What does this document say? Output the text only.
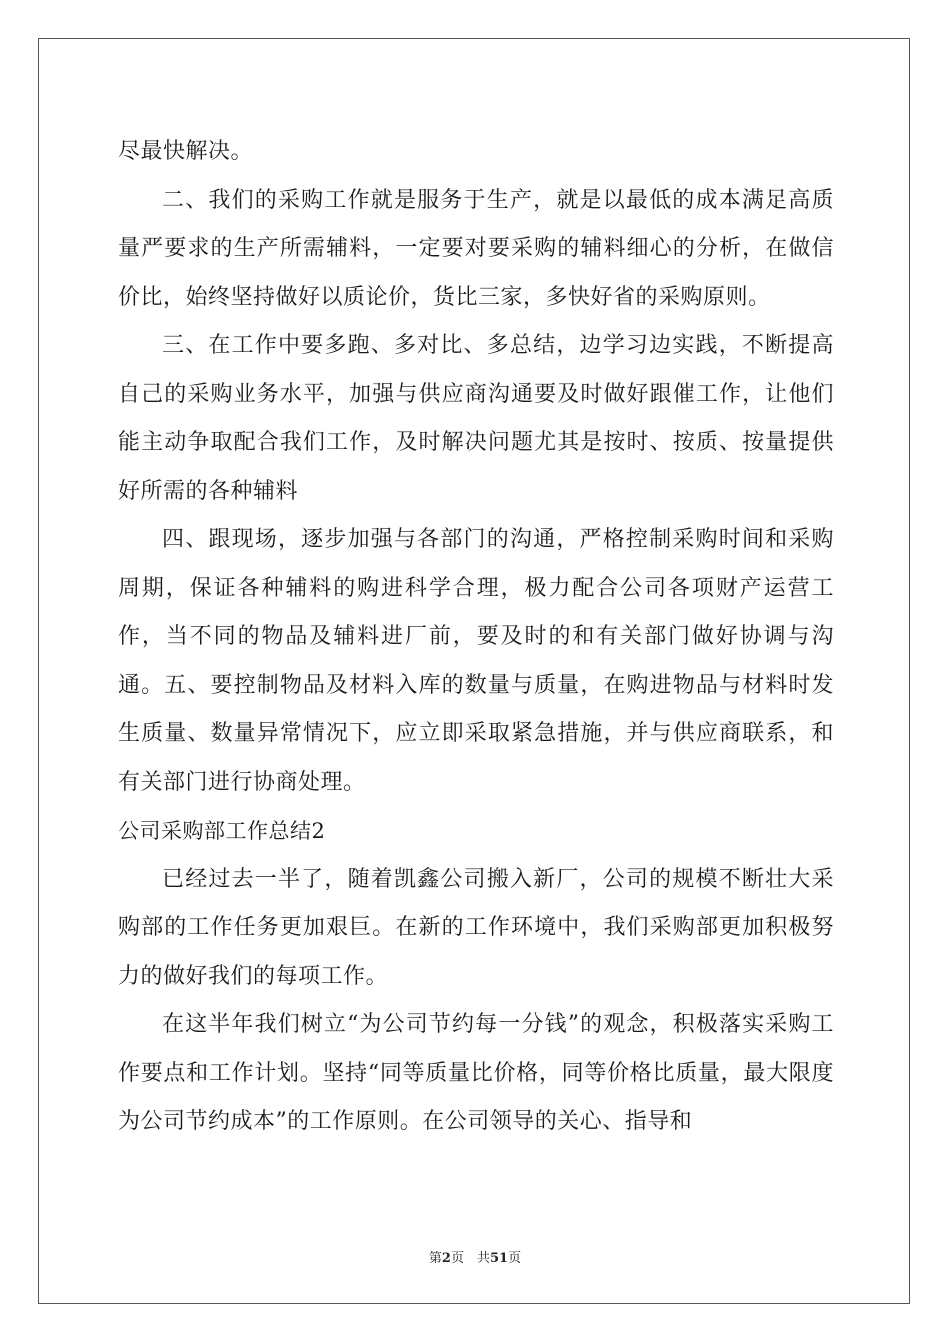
尽最快解决。

二、我们的采购工作就是服务于生产，就是以最低的成本满足高质量严要求的生产所需辅料，一定要对要采购的辅料细心的分析，在做信价比，始终坚持做好以质论价，货比三家，多快好省的采购原则。

三、在工作中要多跑、多对比、多总结，边学习边实践，不断提高自己的采购业务水平，加强与供应商沟通要及时做好跟催工作，让他们能主动争取配合我们工作，及时解决问题尤其是按时、按质、按量提供好所需的各种辅料

四、跟现场，逐步加强与各部门的沟通，严格控制采购时间和采购周期，保证各种辅料的购进科学合理，极力配合公司各项财产运营工作，当不同的物品及辅料进厂前，要及时的和有关部门做好协调与沟通。五、要控制物品及材料入库的数量与质量，在购进物品与材料时发生质量、数量异常情况下，应立即采取紧急措施，并与供应商联系，和有关部门进行协商处理。

公司采购部工作总结2

已经过去一半了，随着凯鑫公司搬入新厂，公司的规模不断壮大采购部的工作任务更加艰巨。在新的工作环境中，我们采购部更加积极努力的做好我们的每项工作。

在这半年我们树立“为公司节约每一分钱”的观念，积极落实采购工作要点和工作计划。坚持“同等质量比价格，同等价格比质量，最大限度为公司节约成本”的工作原则。在公司领导的关心、指导和

第2页　共51页
